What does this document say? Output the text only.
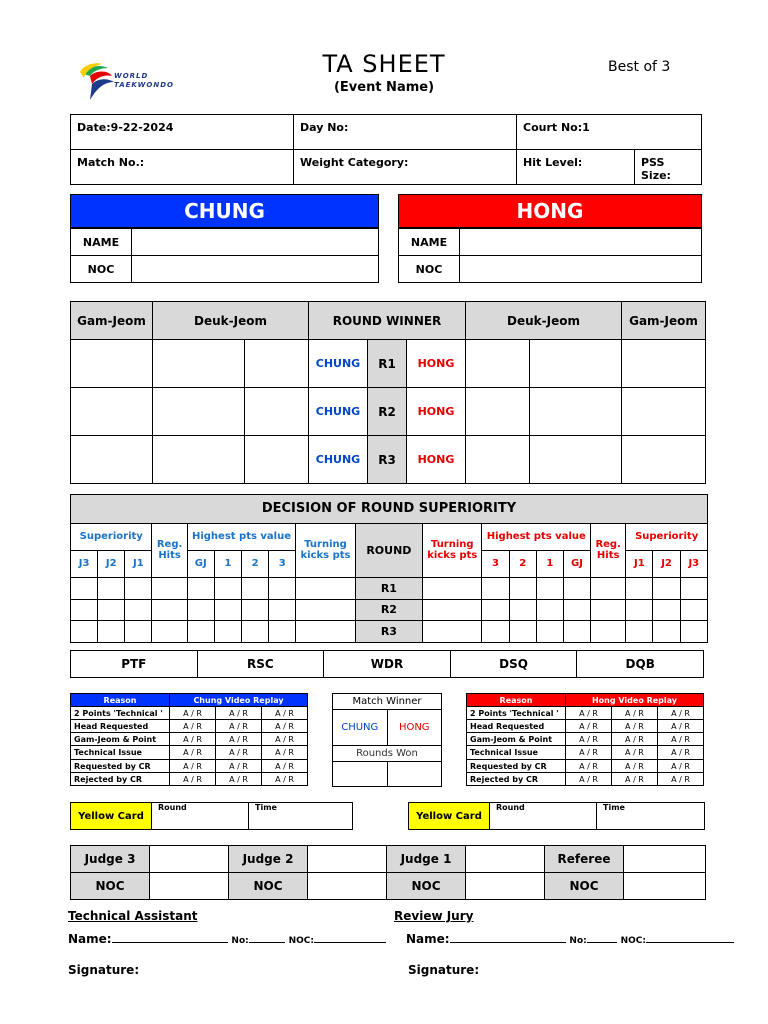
WORLD
TAEKWONDO
TA SHEET
(Event Name)
Best of 3
Date:9-22-2024	Day No:	Court No:1	
Match No.:	Weight Category:	Hit Level:	PSS Size:
CHUNG
NAME	
NOC	
HONG
NAME	
NOC	
Gam-Jeom	Deuk-Jeom		ROUND WINNER			Deuk-Jeom		Gam-Jeom
			CHUNG	R1	HONG			
			CHUNG	R2	HONG			
			CHUNG	R3	HONG			
DECISION OF ROUND SUPERIORITY																		
Superiority			Reg. Hits	Highest pts value				Turning kicks pts	ROUND	Turning kicks pts	Highest pts value				Reg. Hits	Superiority		
J3	J2	J1		GJ	1	2	3				3	2	1	GJ		J1	J2	J3
									R1									
									R2									
									R3									
PTF	RSC	WDR	DSQ	DQB
Reason	Chung Video Replay		
2 Points 'Technical '	A / R	A / R	A / R
Head Requested	A / R	A / R	A / R
Gam-Jeom & Point	A / R	A / R	A / R
Technical Issue	A / R	A / R	A / R
Requested by CR	A / R	A / R	A / R
Rejected by CR	A / R	A / R	A / R
Match Winner	
CHUNG	HONG
Rounds Won	

Reason	Hong Video Replay		
2 Points 'Technical '	A / R	A / R	A / R
Head Requested	A / R	A / R	A / R
Gam-Jeom & Point	A / R	A / R	A / R
Technical Issue	A / R	A / R	A / R
Requested by CR	A / R	A / R	A / R
Rejected by CR	A / R	A / R	A / R
Yellow Card	Round	Time
Yellow Card	Round	Time
Judge 3		Judge 2		Judge 1		Referee	
NOC		NOC		NOC		NOC	
Technical Assistant	Review Jury
Name:	No:	NOC:	Name:	No:	NOC:
Signature:	Signature:
